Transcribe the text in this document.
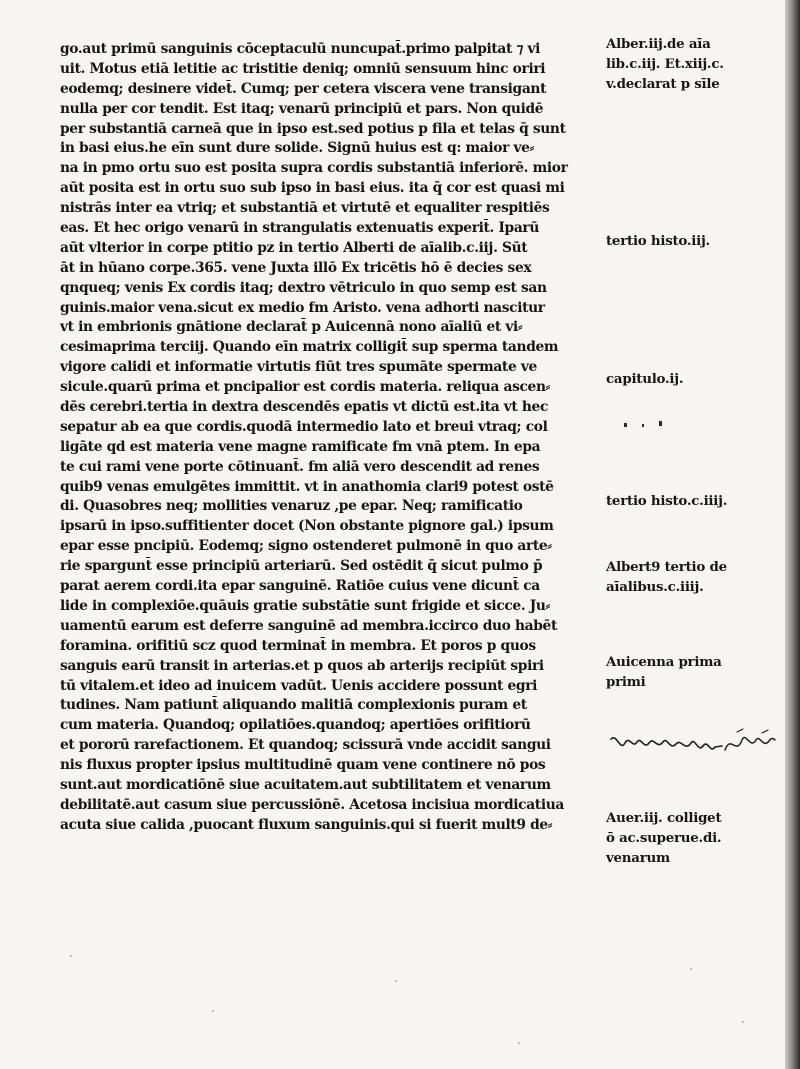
go.aut primū sanguinis cōceptaculū nuncupat̄.primo palpitat ⁊ vi
uit. Motus etiā letitie ac tristitie deniq; omniū sensuum hinc oriri
eodemq; desinere videt̄. Cumq; per cetera viscera vene transigant
nulla per cor tendit. Est itaq; venarū principiū et pars. Non quidē
per substantiā carneā que in ipso est.sed potius p fila et telas q̄ sunt
in basi eius.he eīn sunt dure solide. Signū huius est q: maior ve⸗
na in pmo ortu suo est posita supra cordis substantiā inferiorē. mior
aūt posita est in ortu suo sub ipso in basi eius. ita q̄ cor est quasi mi
nistrās inter ea vtriq; et substantiā et virtutē et equaliter respitiēs
eas. Et hec origo venarū in strangulatis extenuatis experit̄. Iparū
aūt vlterior in corpe ptitio pz in tertio Alberti de aīalib.c.iij. Sūt
āt in hūano corpe.365. vene Juxta illō Ex tricētis hō ē decies sex
qnqueq; venis Ex cordis itaq; dextro vētriculo in quo semp est san
guinis.maior vena.sicut ex medio fm Aristo. vena adhorti nascitur
vt in embrionis gnātione declarat̄ p Auicennā nono aīaliū et vi⸗
cesimaprima terciij. Quando eīn matrix colligit̄ sup sperma tandem
vigore calidi et informatie virtutis fiūt tres spumāte spermate ve
sicule.quarū prima et pncipalior est cordis materia. reliqua ascen⸗
dēs cerebri.tertia in dextra descendēs epatis vt dictū est.ita vt hec
sepatur ab ea que cordis.quodā intermedio lato et breui vtraq; col
ligāte qd est materia vene magne ramificate fm vnā ptem. In epa
te cui rami vene porte cōtinuant̄. fm aliā vero descendit ad renes
quib9 venas emulgētes immittit. vt in anathomia clari9 potest ostē
di. Quasobres neq; mollities venaruz ,pe epar. Neq; ramificatio
ipsarū in ipso.suffitienter docet (Non obstante pignore gal.) ipsum
epar esse pncipiū. Eodemq; signo ostenderet pulmonē in quo arte⸗
rie spargunt̄ esse principiū arteriarū. Sed ostēdit q̄ sicut pulmo p̄
parat aerem cordi.ita epar sanguinē. Ratiōe cuius vene dicunt̄ ca
lide in complexiōe.quāuis gratie substātie sunt frigide et sicce. Ju⸗
uamentū earum est deferre sanguinē ad membra.iccirco duo habēt
foramina. orifitiū scz quod terminat̄ in membra. Et poros p quos
sanguis earū transit in arterias.et p quos ab arterijs recipiūt spiri
tū vitalem.et ideo ad inuicem vadūt. Uenis accidere possunt egri
tudines. Nam patiunt̄ aliquando malitiā complexionis puram et
cum materia. Quandoq; opilatiōes.quandoq; apertiōes orifitiorū
et pororū rarefactionem. Et quandoq; scissurā vnde accidit sangui
nis fluxus propter ipsius multitudinē quam vene continere nō pos
sunt.aut mordicatiōnē siue acuitatem.aut subtilitatem et venarum
debilitatē.aut casum siue percussiōnē. Acetosa incisiua mordicatiua
acuta siue calida ,puocant fluxum sanguinis.qui si fuerit mult9 de⸗

Alber.iij.de aīa
lib.c.iij. Et.xiij.c.
v.declarat p sīle

tertio histo.iij.

capitulo.ij.

tertio histo.c.iiij.

Albert9 tertio de
aīalibus.c.iiij.

Auicenna prima
primi

Auer.iij. colliget
ō ac.superue.di.
venarum
